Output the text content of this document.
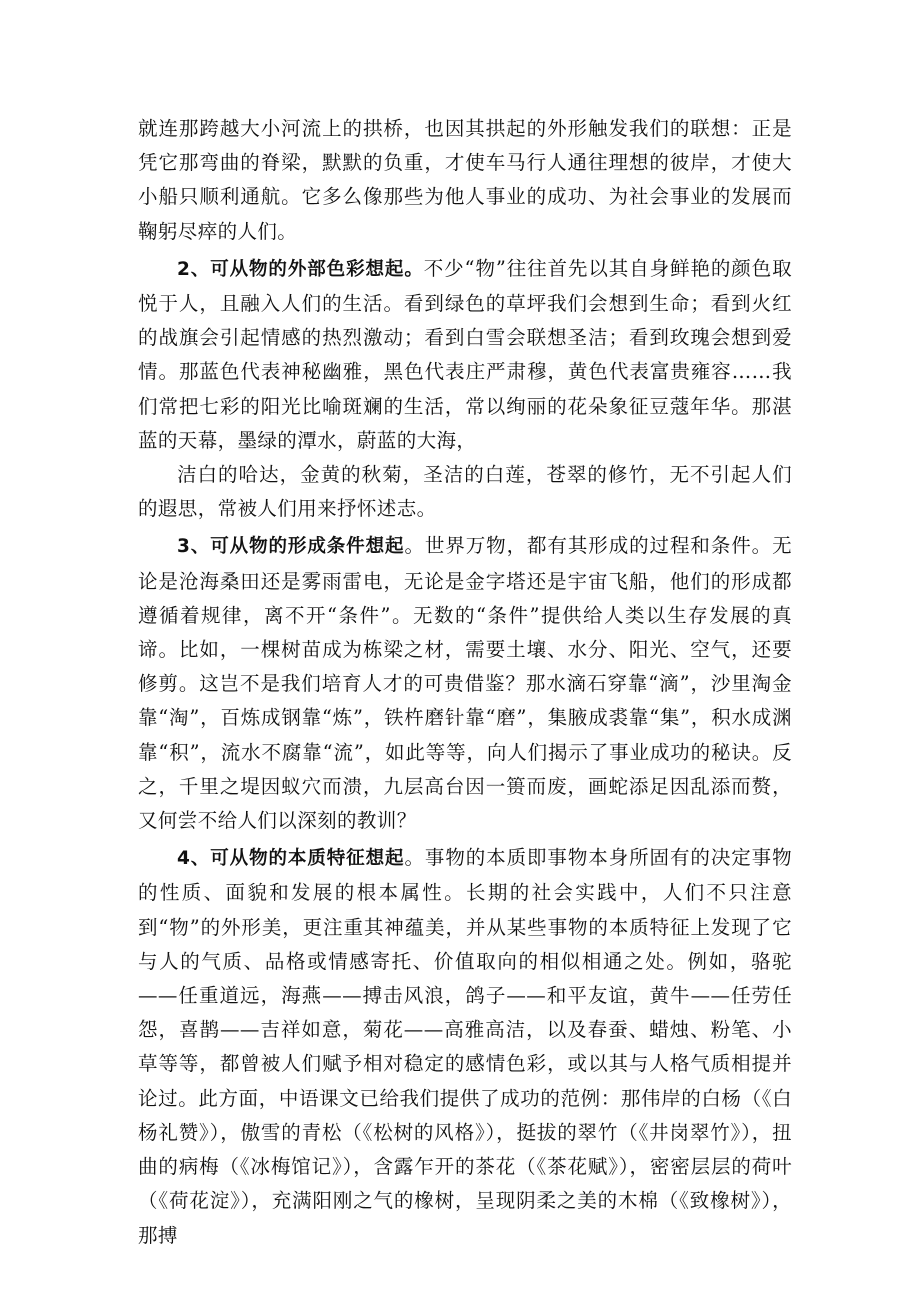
就连那跨越大小河流上的拱桥，也因其拱起的外形触发我们的联想：正是凭它那弯曲的脊梁，默默的负重，才使车马行人通往理想的彼岸，才使大小船只顺利通航。它多么像那些为他人事业的成功、为社会事业的发展而鞠躬尽瘁的人们。

2、可从物的外部色彩想起。不少“物”往往首先以其自身鲜艳的颜色取悦于人，且融入人们的生活。看到绿色的草坪我们会想到生命；看到火红的战旗会引起情感的热烈激动；看到白雪会联想圣洁；看到玫瑰会想到爱情。那蓝色代表神秘幽雅，黑色代表庄严肃穆，黄色代表富贵雍容……我们常把七彩的阳光比喻斑斓的生活，常以绚丽的花朵象征豆蔻年华。那湛蓝的天幕，墨绿的潭水，蔚蓝的大海，

洁白的哈达，金黄的秋菊，圣洁的白莲，苍翠的修竹，无不引起人们的遐思，常被人们用来抒怀述志。

3、可从物的形成条件想起。世界万物，都有其形成的过程和条件。无论是沧海桑田还是雾雨雷电，无论是金字塔还是宇宙飞船，他们的形成都遵循着规律，离不开“条件”。无数的“条件”提供给人类以生存发展的真谛。比如，一棵树苗成为栋梁之材，需要土壤、水分、阳光、空气，还要修剪。这岂不是我们培育人才的可贵借鉴？那水滴石穿靠“滴”，沙里淘金靠“淘”，百炼成钢靠“炼”，铁杵磨针靠“磨”，集腋成裘靠“集”，积水成渊靠“积”，流水不腐靠“流”，如此等等，向人们揭示了事业成功的秘诀。反之，千里之堤因蚁穴而溃，九层高台因一篑而废，画蛇添足因乱添而赘，又何尝不给人们以深刻的教训？

4、可从物的本质特征想起。事物的本质即事物本身所固有的决定事物的性质、面貌和发展的根本属性。长期的社会实践中，人们不只注意到“物”的外形美，更注重其神蕴美，并从某些事物的本质特征上发现了它与人的气质、品格或情感寄托、价值取向的相似相通之处。例如，骆驼——任重道远，海燕——搏击风浪，鸽子——和平友谊，黄牛——任劳任怨，喜鹊——吉祥如意，菊花——高雅高洁，以及春蚕、蜡烛、粉笔、小草等等，都曾被人们赋予相对稳定的感情色彩，或以其与人格气质相提并论过。此方面，中语课文已给我们提供了成功的范例：那伟岸的白杨（《白杨礼赞》），傲雪的青松（《松树的风格》），挺拔的翠竹（《井岗翠竹》），扭曲的病梅（《冰梅馆记》），含露乍开的茶花（《茶花赋》），密密层层的荷叶（《荷花淀》），充满阳刚之气的橡树，呈现阴柔之美的木棉（《致橡树》），那搏
